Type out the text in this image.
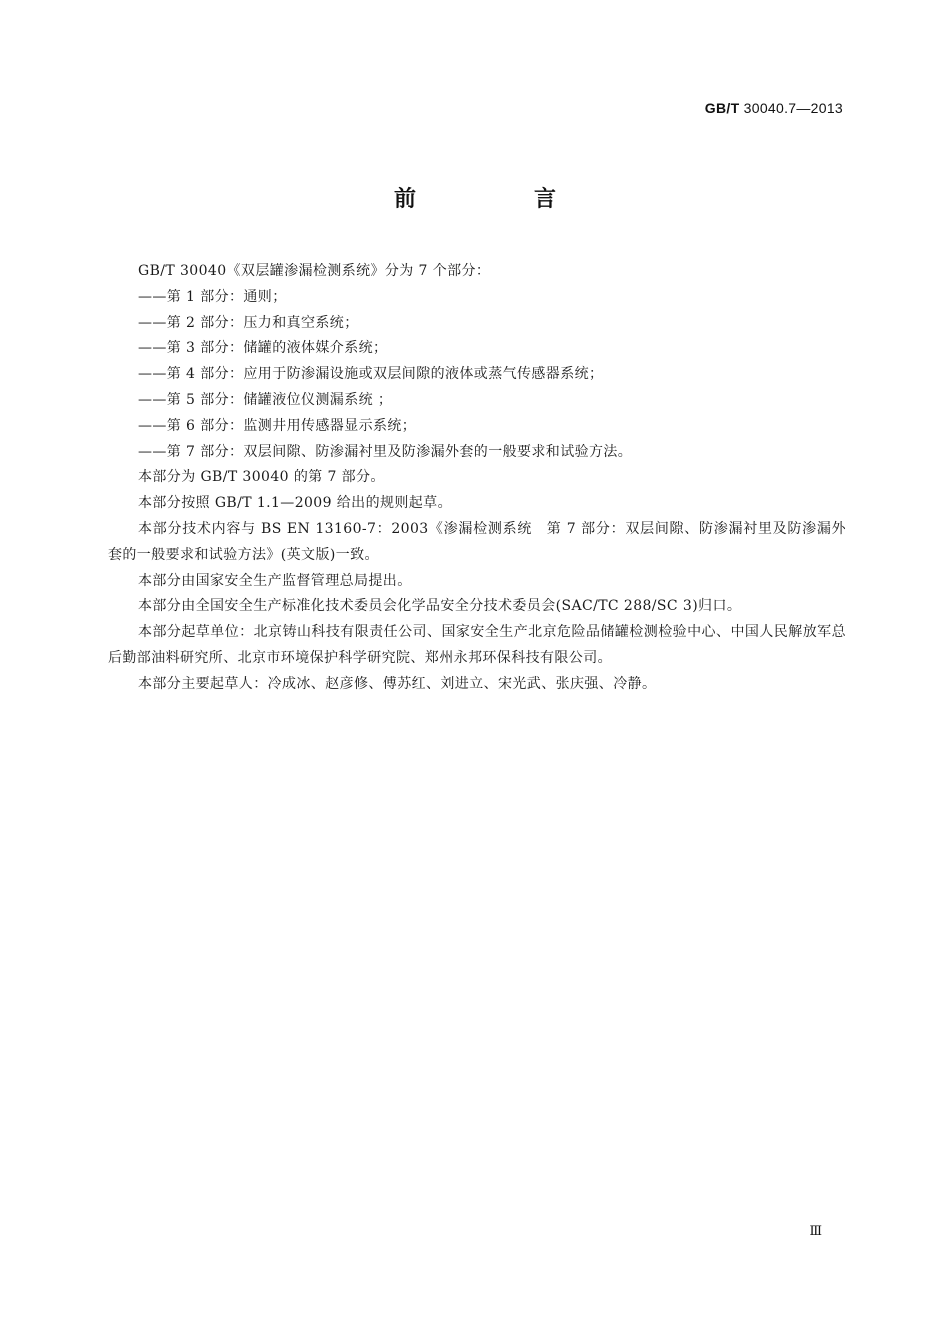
GB/T 30040.7—2013
前　言

GB/T 30040《双层罐渗漏检测系统》分为 7 个部分：

——第 1 部分：通则；

——第 2 部分：压力和真空系统；

——第 3 部分：储罐的液体媒介系统；

——第 4 部分：应用于防渗漏设施或双层间隙的液体或蒸气传感器系统；

——第 5 部分：储罐液位仪测漏系统 ；

——第 6 部分：监测井用传感器显示系统；

——第 7 部分：双层间隙、防渗漏衬里及防渗漏外套的一般要求和试验方法。

本部分为 GB/T 30040 的第 7 部分。

本部分按照 GB/T 1.1—2009 给出的规则起草。

本部分技术内容与 BS EN 13160-7：2003《渗漏检测系统　第 7 部分：双层间隙、防渗漏衬里及防渗漏外套的一般要求和试验方法》(英文版)一致。

本部分由国家安全生产监督管理总局提出。

本部分由全国安全生产标准化技术委员会化学品安全分技术委员会(SAC/TC 288/SC 3)归口。

本部分起草单位：北京铸山科技有限责任公司、国家安全生产北京危险品储罐检测检验中心、中国人民解放军总后勤部油料研究所、北京市环境保护科学研究院、郑州永邦环保科技有限公司。

本部分主要起草人：冷成冰、赵彦修、傅苏红、刘进立、宋光武、张庆强、冷静。

Ⅲ
